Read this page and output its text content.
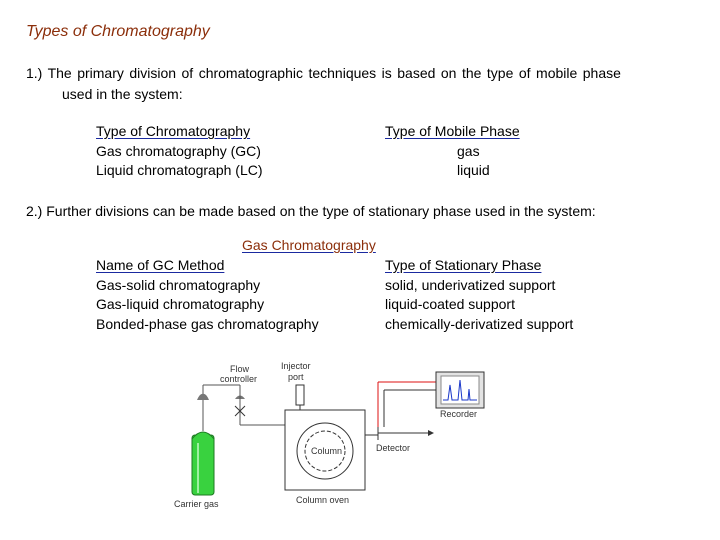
Types of Chromatography
1.) The primary division of chromatographic techniques is based on the type of mobile phase
used in the system:
Type of Chromatography
Gas chromatography (GC)
Liquid chromatograph (LC)
Type of Mobile Phase
gas
liquid
2.) Further divisions can be made based on the type of stationary phase used in the system:
Gas Chromatography
Name of GC Method
Gas-solid chromatography
Gas-liquid chromatography
Bonded-phase gas chromatography
Type of Stationary Phase
solid, underivatized support
liquid-coated support
chemically-derivatized support
Carrier gas
Flow
controller
Injector
port
Column
Column oven
Detector
Recorder
